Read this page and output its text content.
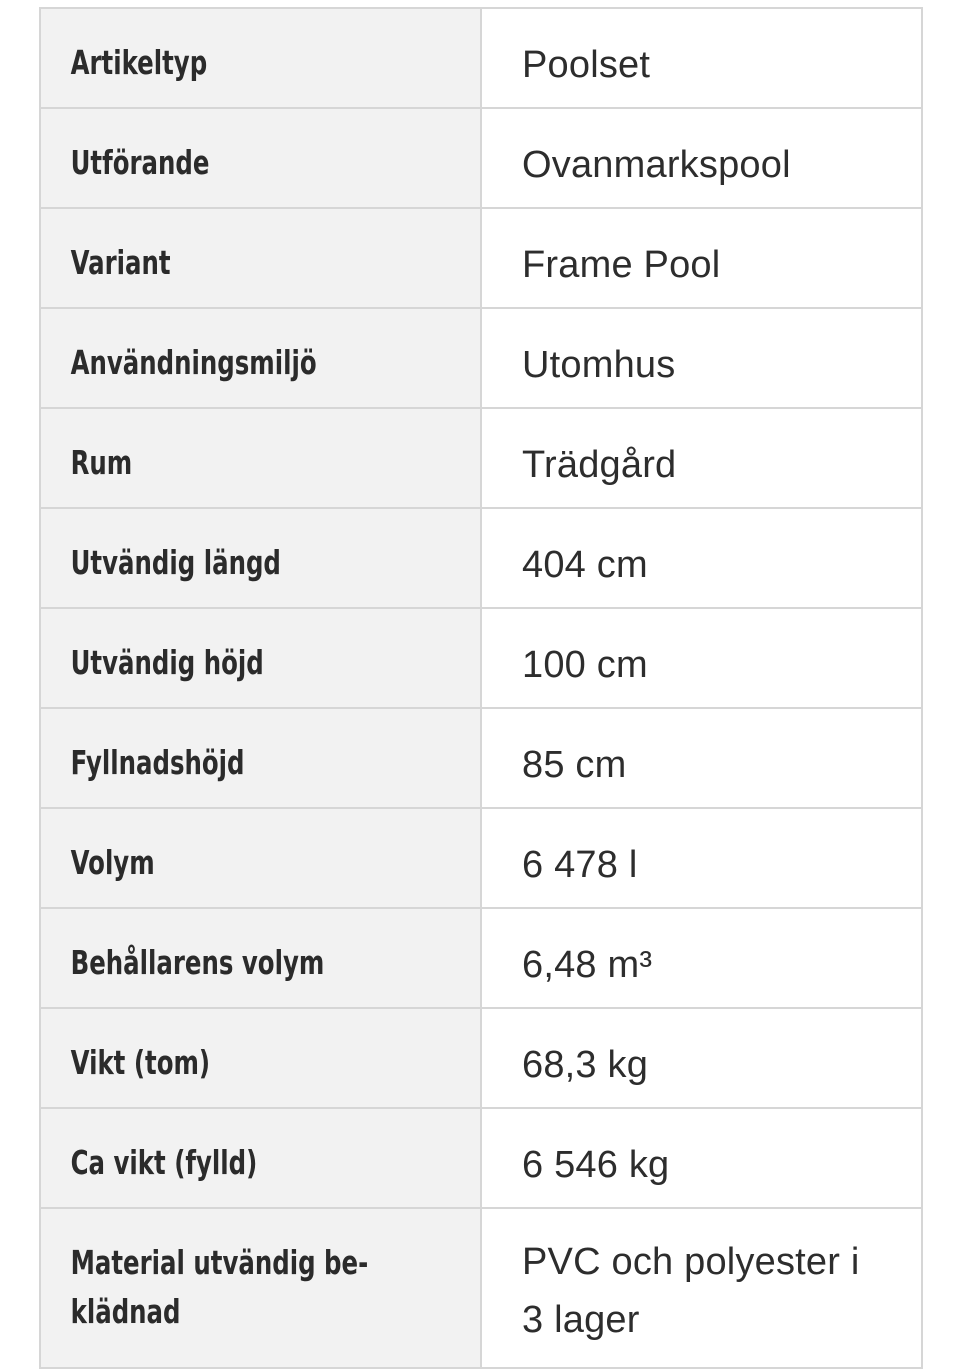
Artikeltyp	Poolset

Utförande	Ovanmarkspool

Variant	Frame Pool

Användningsmiljö	Utomhus

Rum	Trädgård

Utvändig längd	404 cm

Utvändig höjd	100 cm

Fyllnadshöjd	85 cm

Volym	6 478 l

Behållarens volym	6,48 m³

Vikt (tom)	68,3 kg

Ca vikt (fylld)	6 546 kg

Material utvändig be-
klädnad	PVC och polyester i 3 lager
